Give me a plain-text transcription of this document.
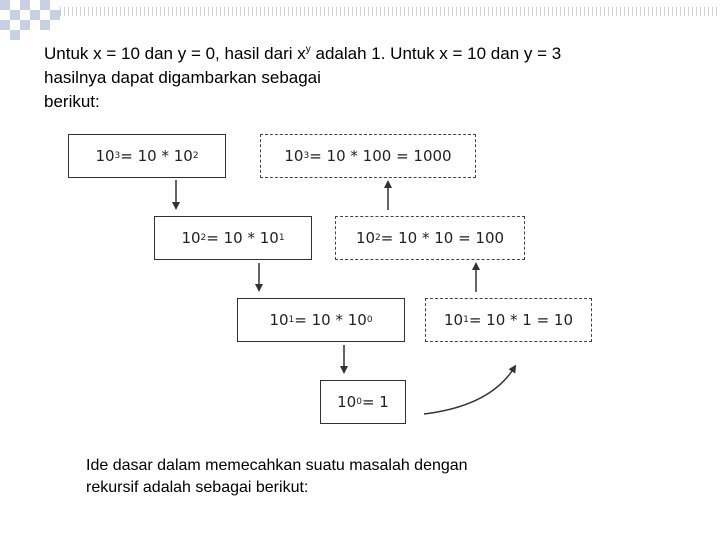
Untuk x = 10 dan y = 0, hasil dari $x^y$ adalah 1. Untuk x = 10 dan y = 3
hasilnya dapat digambarkan sebagai
berikut:
10 3 = 10 * 10 2
10 2 = 10 * 10 1
10 1 = 10 * 10 0
10 0 = 1
10 3 = 10 * 100 = 1000
10 2 = 10 * 10 = 100
10 1 = 10 * 1 = 10
Ide dasar dalam memecahkan suatu masalah dengan
rekursif adalah sebagai berikut:
